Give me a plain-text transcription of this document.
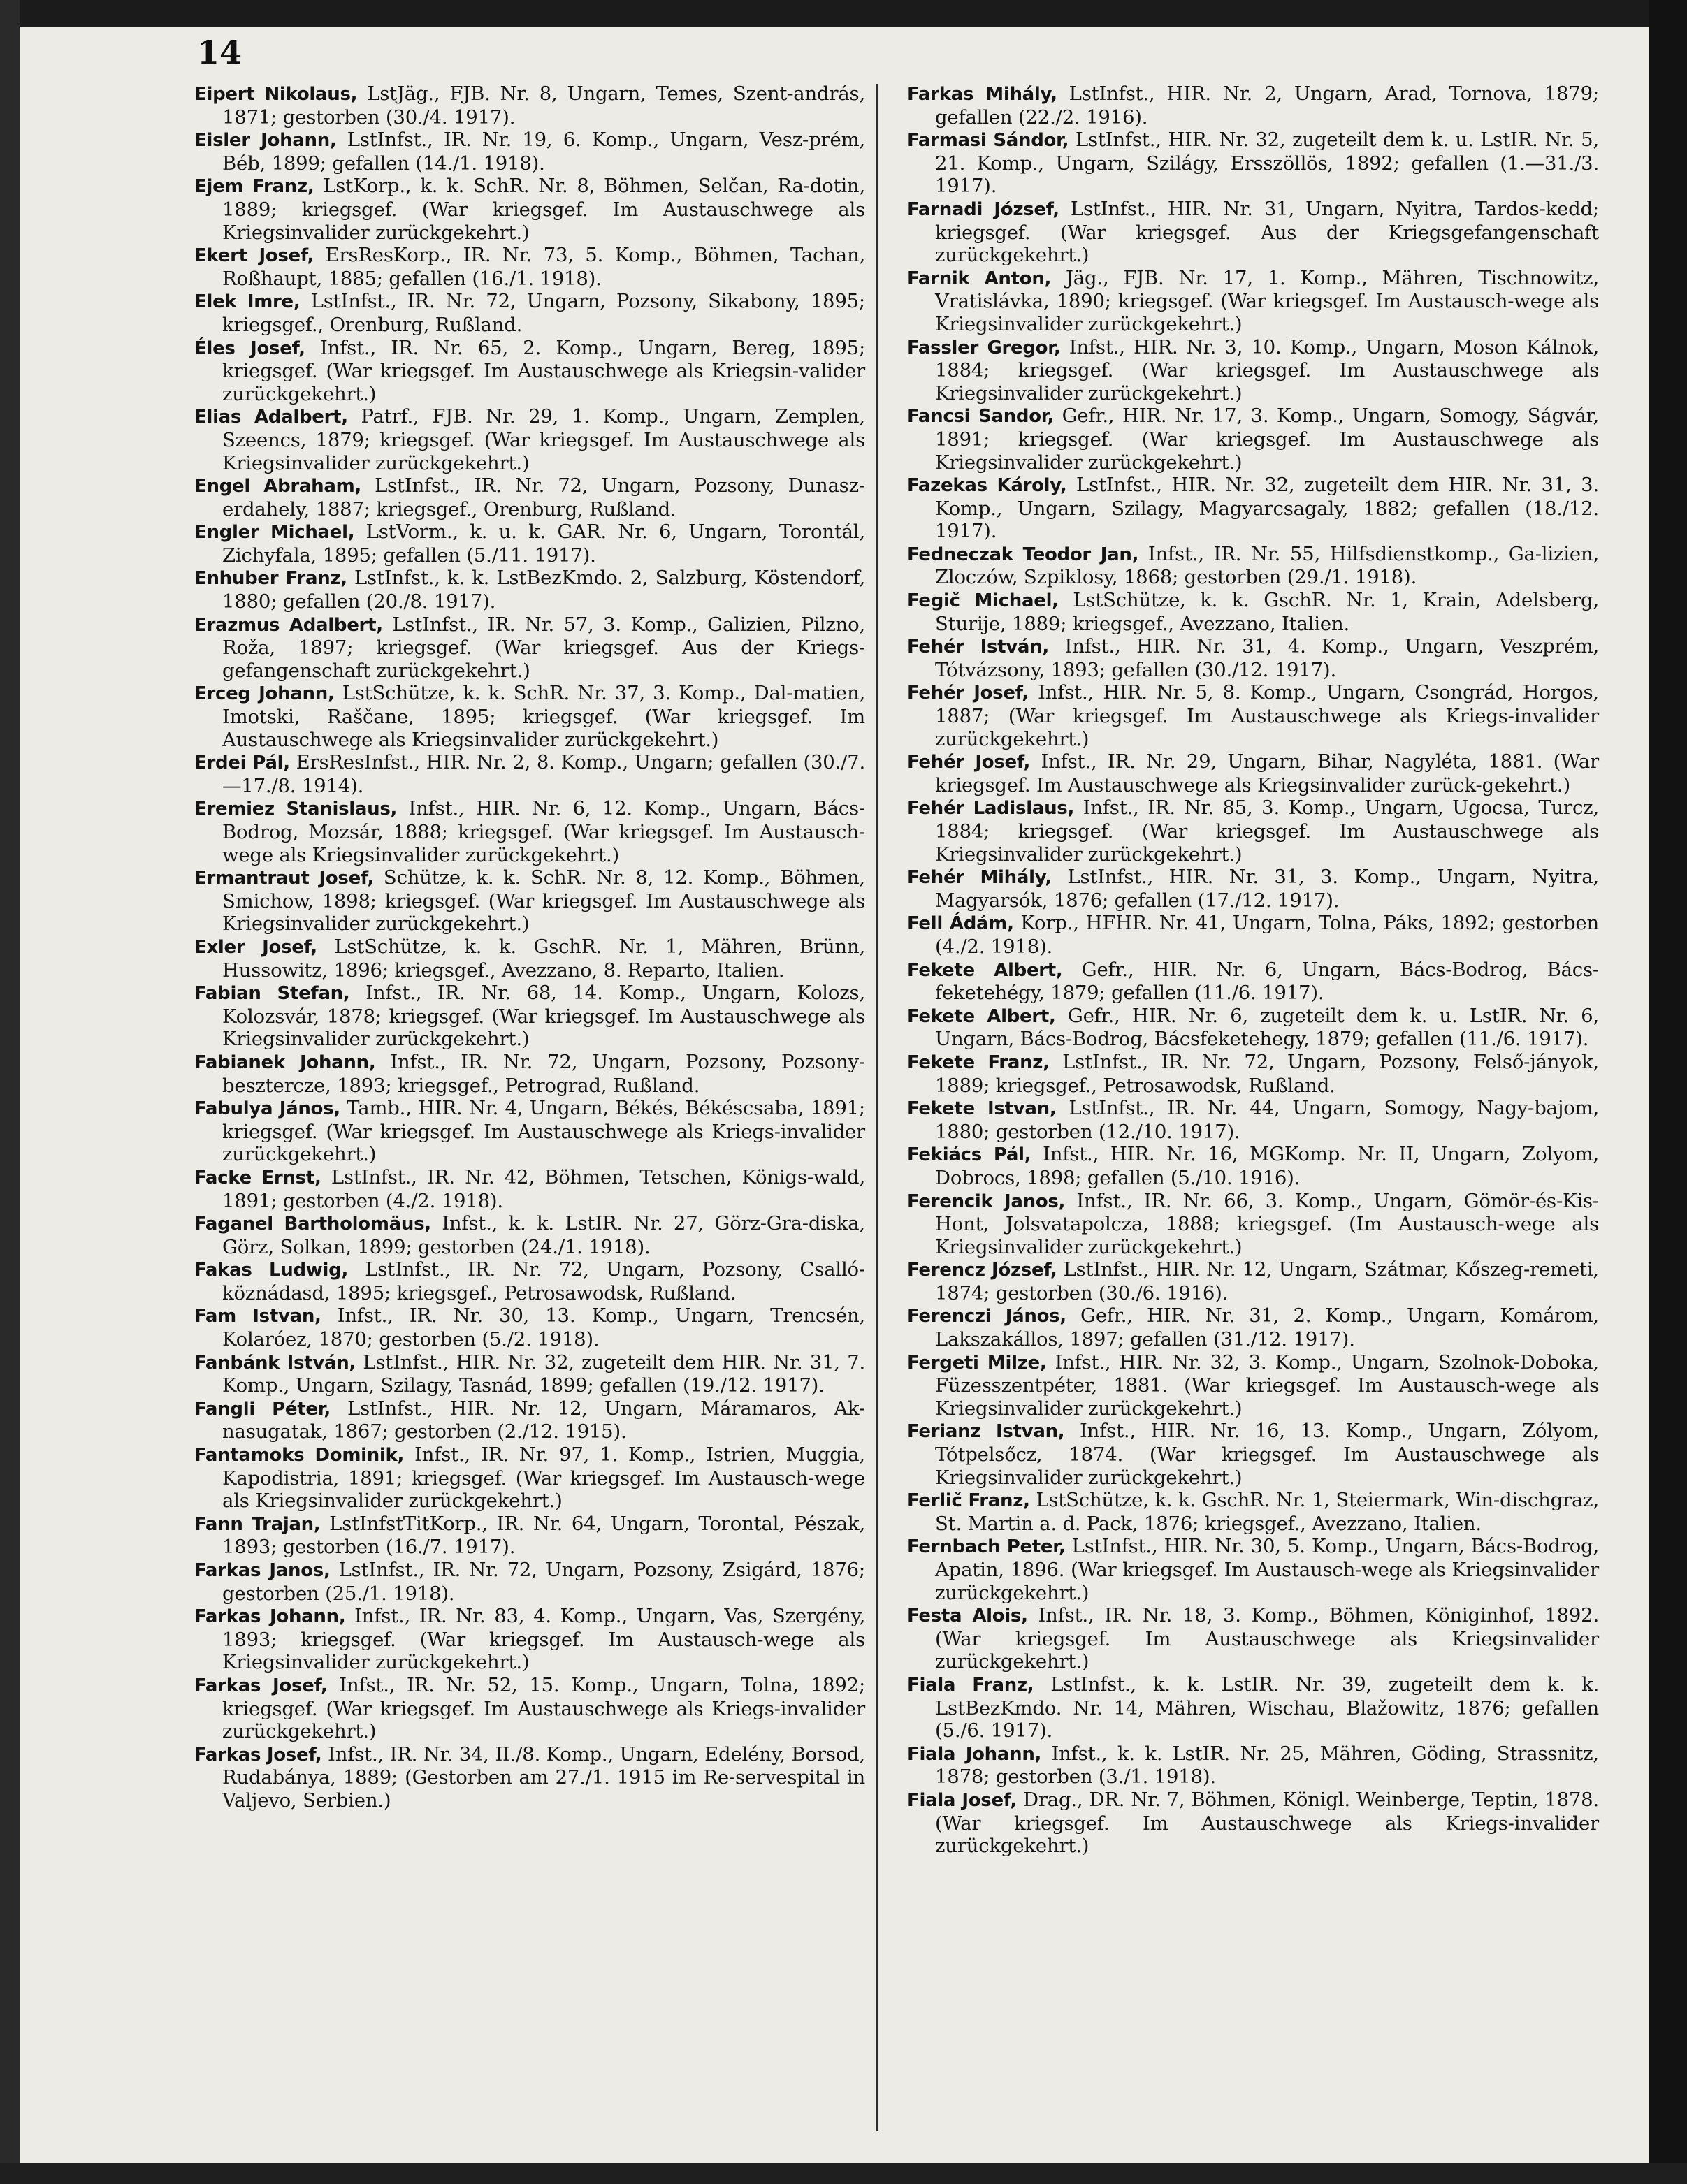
14

Eipert Nikolaus, LstJäg., FJB. Nr. 8, Ungarn, Temes, Szent-andrás, 1871; gestorben (30./4. 1917).

Eisler Johann, LstInfst., IR. Nr. 19, 6. Komp., Ungarn, Vesz-prém, Béb, 1899; gefallen (14./1. 1918).

Ejem Franz, LstKorp., k. k. SchR. Nr. 8, Böhmen, Selčan, Ra-dotin, 1889; kriegsgef. (War kriegsgef. Im Austauschwege als Kriegsinvalider zurückgekehrt.)

Ekert Josef, ErsResKorp., IR. Nr. 73, 5. Komp., Böhmen, Tachan, Roßhaupt, 1885; gefallen (16./1. 1918).

Elek Imre, LstInfst., IR. Nr. 72, Ungarn, Pozsony, Sikabony, 1895; kriegsgef., Orenburg, Rußland.

Éles Josef, Infst., IR. Nr. 65, 2. Komp., Ungarn, Bereg, 1895; kriegsgef. (War kriegsgef. Im Austauschwege als Kriegsin-valider zurückgekehrt.)

Elias Adalbert, Patrf., FJB. Nr. 29, 1. Komp., Ungarn, Zemplen, Szeencs, 1879; kriegsgef. (War kriegsgef. Im Austauschwege als Kriegsinvalider zurückgekehrt.)

Engel Abraham, LstInfst., IR. Nr. 72, Ungarn, Pozsony, Dunasz-erdahely, 1887; kriegsgef., Orenburg, Rußland.

Engler Michael, LstVorm., k. u. k. GAR. Nr. 6, Ungarn, Torontál, Zichyfala, 1895; gefallen (5./11. 1917).

Enhuber Franz, LstInfst., k. k. LstBezKmdo. 2, Salzburg, Köstendorf, 1880; gefallen (20./8. 1917).

Erazmus Adalbert, LstInfst., IR. Nr. 57, 3. Komp., Galizien, Pilzno, Roža, 1897; kriegsgef. (War kriegsgef. Aus der Kriegs-gefangenschaft zurückgekehrt.)

Erceg Johann, LstSchütze, k. k. SchR. Nr. 37, 3. Komp., Dal-matien, Imotski, Raščane, 1895; kriegsgef. (War kriegsgef. Im Austauschwege als Kriegsinvalider zurückgekehrt.)

Erdei Pál, ErsResInfst., HIR. Nr. 2, 8. Komp., Ungarn; gefallen (30./7.—17./8. 1914).

Eremiez Stanislaus, Infst., HIR. Nr. 6, 12. Komp., Ungarn, Bács-Bodrog, Mozsár, 1888; kriegsgef. (War kriegsgef. Im Austausch-wege als Kriegsinvalider zurückgekehrt.)

Ermantraut Josef, Schütze, k. k. SchR. Nr. 8, 12. Komp., Böhmen, Smichow, 1898; kriegsgef. (War kriegsgef. Im Austauschwege als Kriegsinvalider zurückgekehrt.)

Exler Josef, LstSchütze, k. k. GschR. Nr. 1, Mähren, Brünn, Hussowitz, 1896; kriegsgef., Avezzano, 8. Reparto, Italien.

Fabian Stefan, Infst., IR. Nr. 68, 14. Komp., Ungarn, Kolozs, Kolozsvár, 1878; kriegsgef. (War kriegsgef. Im Austauschwege als Kriegsinvalider zurückgekehrt.)

Fabianek Johann, Infst., IR. Nr. 72, Ungarn, Pozsony, Pozsony-besztercze, 1893; kriegsgef., Petrograd, Rußland.

Fabulya János, Tamb., HIR. Nr. 4, Ungarn, Békés, Békéscsaba, 1891; kriegsgef. (War kriegsgef. Im Austauschwege als Kriegs-invalider zurückgekehrt.)

Facke Ernst, LstInfst., IR. Nr. 42, Böhmen, Tetschen, Königs-wald, 1891; gestorben (4./2. 1918).

Faganel Bartholomäus, Infst., k. k. LstIR. Nr. 27, Görz-Gra-diska, Görz, Solkan, 1899; gestorben (24./1. 1918).

Fakas Ludwig, LstInfst., IR. Nr. 72, Ungarn, Pozsony, Csalló-köznádasd, 1895; kriegsgef., Petrosawodsk, Rußland.

Fam Istvan, Infst., IR. Nr. 30, 13. Komp., Ungarn, Trencsén, Kolaróez, 1870; gestorben (5./2. 1918).

Fanbánk István, LstInfst., HIR. Nr. 32, zugeteilt dem HIR. Nr. 31, 7. Komp., Ungarn, Szilagy, Tasnád, 1899; gefallen (19./12. 1917).

Fangli Péter, LstInfst., HIR. Nr. 12, Ungarn, Máramaros, Ak-nasugatak, 1867; gestorben (2./12. 1915).

Fantamoks Dominik, Infst., IR. Nr. 97, 1. Komp., Istrien, Muggia, Kapodistria, 1891; kriegsgef. (War kriegsgef. Im Austausch-wege als Kriegsinvalider zurückgekehrt.)

Fann Trajan, LstInfstTitKorp., IR. Nr. 64, Ungarn, Torontal, Pészak, 1893; gestorben (16./7. 1917).

Farkas Janos, LstInfst., IR. Nr. 72, Ungarn, Pozsony, Zsigárd, 1876; gestorben (25./1. 1918).

Farkas Johann, Infst., IR. Nr. 83, 4. Komp., Ungarn, Vas, Szergény, 1893; kriegsgef. (War kriegsgef. Im Austausch-wege als Kriegsinvalider zurückgekehrt.)

Farkas Josef, Infst., IR. Nr. 52, 15. Komp., Ungarn, Tolna, 1892; kriegsgef. (War kriegsgef. Im Austauschwege als Kriegs-invalider zurückgekehrt.)

Farkas Josef, Infst., IR. Nr. 34, II./8. Komp., Ungarn, Edelény, Borsod, Rudabánya, 1889; (Gestorben am 27./1. 1915 im Re-servespital in Valjevo, Serbien.)

Farkas Mihály, LstInfst., HIR. Nr. 2, Ungarn, Arad, Tornova, 1879; gefallen (22./2. 1916).

Farmasi Sándor, LstInfst., HIR. Nr. 32, zugeteilt dem k. u. LstIR. Nr. 5, 21. Komp., Ungarn, Szilágy, Ersszöllös, 1892; gefallen (1.—31./3. 1917).

Farnadi József, LstInfst., HIR. Nr. 31, Ungarn, Nyitra, Tardos-kedd; kriegsgef. (War kriegsgef. Aus der Kriegsgefangenschaft zurückgekehrt.)

Farnik Anton, Jäg., FJB. Nr. 17, 1. Komp., Mähren, Tischnowitz, Vratislávka, 1890; kriegsgef. (War kriegsgef. Im Austausch-wege als Kriegsinvalider zurückgekehrt.)

Fassler Gregor, Infst., HIR. Nr. 3, 10. Komp., Ungarn, Moson Kálnok, 1884; kriegsgef. (War kriegsgef. Im Austauschwege als Kriegsinvalider zurückgekehrt.)

Fancsi Sandor, Gefr., HIR. Nr. 17, 3. Komp., Ungarn, Somogy, Ságvár, 1891; kriegsgef. (War kriegsgef. Im Austauschwege als Kriegsinvalider zurückgekehrt.)

Fazekas Károly, LstInfst., HIR. Nr. 32, zugeteilt dem HIR. Nr. 31, 3. Komp., Ungarn, Szilagy, Magyarcsagaly, 1882; gefallen (18./12. 1917).

Fedneczak Teodor Jan, Infst., IR. Nr. 55, Hilfsdienstkomp., Ga-lizien, Zloczów, Szpiklosy, 1868; gestorben (29./1. 1918).

Fegič Michael, LstSchütze, k. k. GschR. Nr. 1, Krain, Adelsberg, Sturije, 1889; kriegsgef., Avezzano, Italien.

Fehér István, Infst., HIR. Nr. 31, 4. Komp., Ungarn, Veszprém, Tótvázsony, 1893; gefallen (30./12. 1917).

Fehér Josef, Infst., HIR. Nr. 5, 8. Komp., Ungarn, Csongrád, Horgos, 1887; (War kriegsgef. Im Austauschwege als Kriegs-invalider zurückgekehrt.)

Fehér Josef, Infst., IR. Nr. 29, Ungarn, Bihar, Nagyléta, 1881. (War kriegsgef. Im Austauschwege als Kriegsinvalider zurück-gekehrt.)

Fehér Ladislaus, Infst., IR. Nr. 85, 3. Komp., Ungarn, Ugocsa, Turcz, 1884; kriegsgef. (War kriegsgef. Im Austauschwege als Kriegsinvalider zurückgekehrt.)

Fehér Mihály, LstInfst., HIR. Nr. 31, 3. Komp., Ungarn, Nyitra, Magyarsók, 1876; gefallen (17./12. 1917).

Fell Ádám, Korp., HFHR. Nr. 41, Ungarn, Tolna, Páks, 1892; gestorben (4./2. 1918).

Fekete Albert, Gefr., HIR. Nr. 6, Ungarn, Bács-Bodrog, Bács-feketehégy, 1879; gefallen (11./6. 1917).

Fekete Albert, Gefr., HIR. Nr. 6, zugeteilt dem k. u. LstIR. Nr. 6, Ungarn, Bács-Bodrog, Bácsfeketehegy, 1879; gefallen (11./6. 1917).

Fekete Franz, LstInfst., IR. Nr. 72, Ungarn, Pozsony, Felső-jányok, 1889; kriegsgef., Petrosawodsk, Rußland.

Fekete Istvan, LstInfst., IR. Nr. 44, Ungarn, Somogy, Nagy-bajom, 1880; gestorben (12./10. 1917).

Fekiács Pál, Infst., HIR. Nr. 16, MGKomp. Nr. II, Ungarn, Zolyom, Dobrocs, 1898; gefallen (5./10. 1916).

Ferencik Janos, Infst., IR. Nr. 66, 3. Komp., Ungarn, Gömör-és-Kis-Hont, Jolsvatapolcza, 1888; kriegsgef. (Im Austausch-wege als Kriegsinvalider zurückgekehrt.)

Ferencz József, LstInfst., HIR. Nr. 12, Ungarn, Szátmar, Kőszeg-remeti, 1874; gestorben (30./6. 1916).

Ferenczi János, Gefr., HIR. Nr. 31, 2. Komp., Ungarn, Komárom, Lakszakállos, 1897; gefallen (31./12. 1917).

Fergeti Milze, Infst., HIR. Nr. 32, 3. Komp., Ungarn, Szolnok-Doboka, Füzesszentpéter, 1881. (War kriegsgef. Im Austausch-wege als Kriegsinvalider zurückgekehrt.)

Ferianz Istvan, Infst., HIR. Nr. 16, 13. Komp., Ungarn, Zólyom, Tótpelsőcz, 1874. (War kriegsgef. Im Austauschwege als Kriegsinvalider zurückgekehrt.)

Ferlič Franz, LstSchütze, k. k. GschR. Nr. 1, Steiermark, Win-dischgraz, St. Martin a. d. Pack, 1876; kriegsgef., Avezzano, Italien.

Fernbach Peter, LstInfst., HIR. Nr. 30, 5. Komp., Ungarn, Bács-Bodrog, Apatin, 1896. (War kriegsgef. Im Austausch-wege als Kriegsinvalider zurückgekehrt.)

Festa Alois, Infst., IR. Nr. 18, 3. Komp., Böhmen, Königinhof, 1892. (War kriegsgef. Im Austauschwege als Kriegsinvalider zurückgekehrt.)

Fiala Franz, LstInfst., k. k. LstIR. Nr. 39, zugeteilt dem k. k. LstBezKmdo. Nr. 14, Mähren, Wischau, Blažowitz, 1876; gefallen (5./6. 1917).

Fiala Johann, Infst., k. k. LstIR. Nr. 25, Mähren, Göding, Strassnitz, 1878; gestorben (3./1. 1918).

Fiala Josef, Drag., DR. Nr. 7, Böhmen, Königl. Weinberge, Teptin, 1878. (War kriegsgef. Im Austauschwege als Kriegs-invalider zurückgekehrt.)
